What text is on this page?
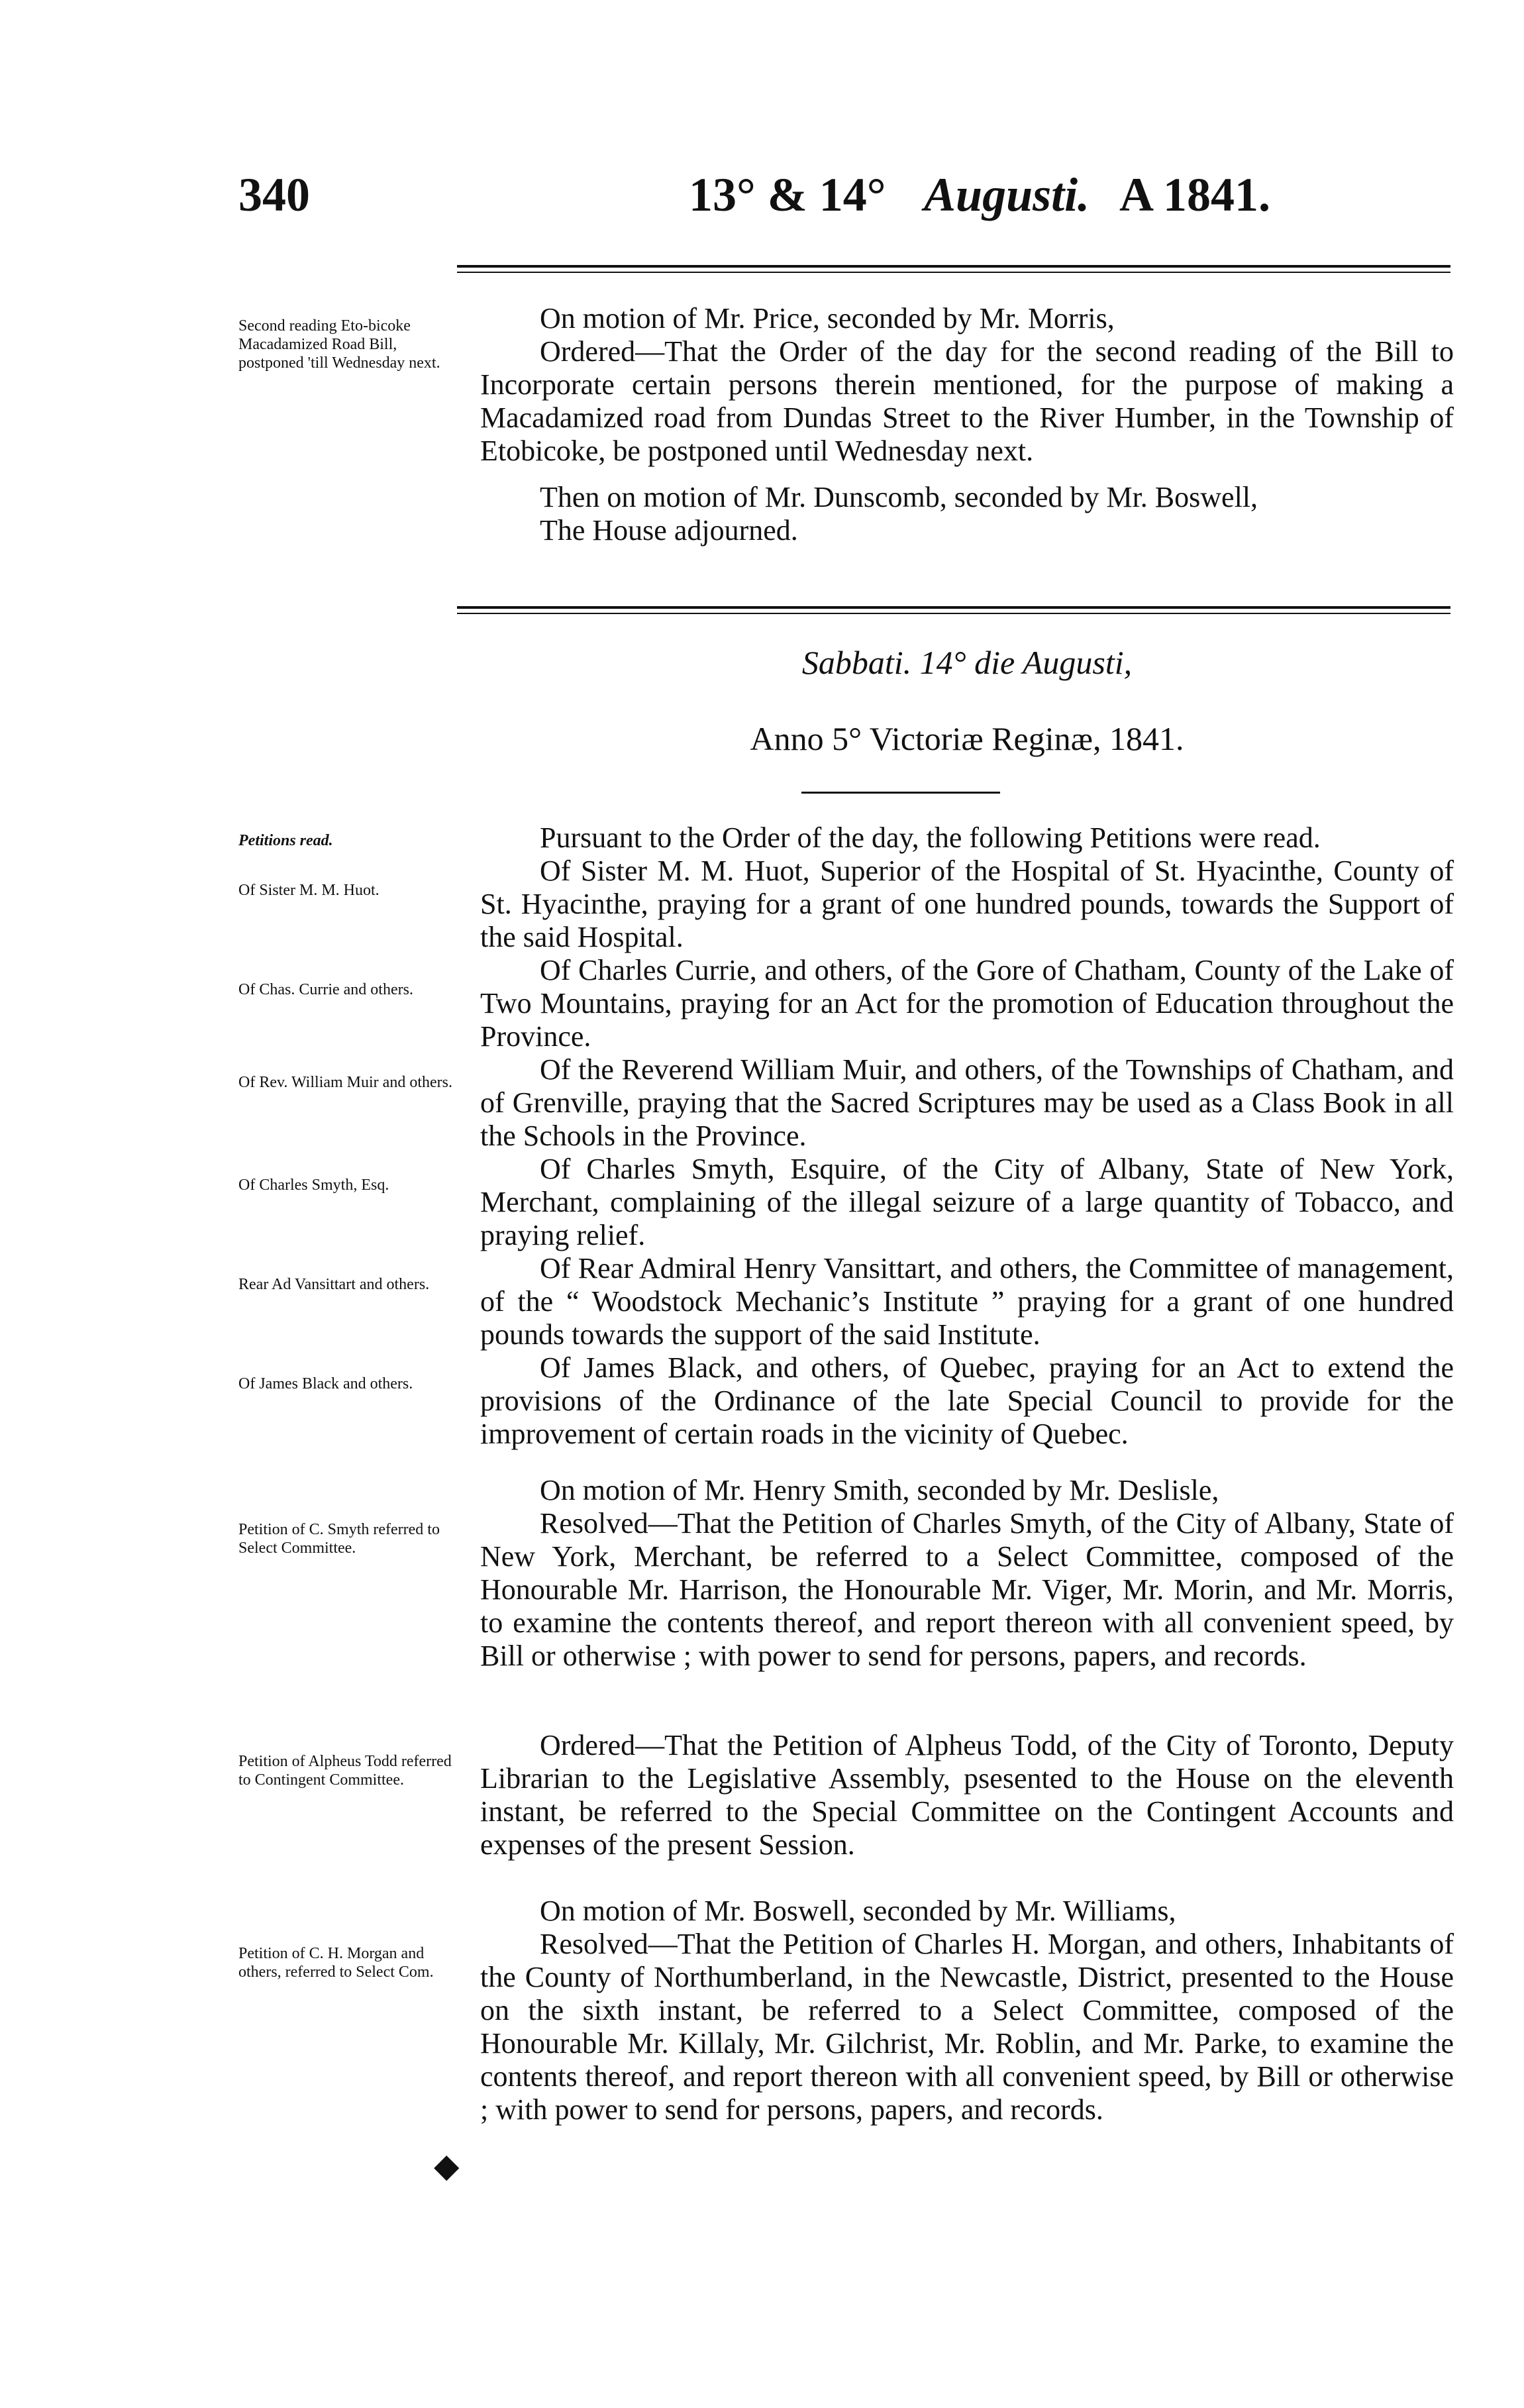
340	13° & 14° Augusti. A 1841.
Second reading Eto-bicoke Macadamized Road Bill, postponed 'till Wednesday next.

On motion of Mr. Price, seconded by Mr. Morris,

Ordered—That the Order of the day for the second reading of the Bill to Incorporate certain persons therein mentioned, for the purpose of making a Macadamized road from Dundas Street to the River Humber, in the Township of Etobicoke, be postponed until Wednesday next.

Then on motion of Mr. Dunscomb, seconded by Mr. Boswell,

The House adjourned.

Sabbati. 14° die Augusti,
Anno 5° Victoriæ Reginæ, 1841.
Petitions read.
Of Sister M. M. Huot.
Of Chas. Currie and others.
Of Rev. William Muir and others.
Of Charles Smyth, Esq.
Rear Ad Vansittart and others.
Of James Black and others.

Pursuant to the Order of the day, the following Petitions were read.

Of Sister M. M. Huot, Superior of the Hospital of St. Hyacinthe, County of St. Hyacinthe, praying for a grant of one hundred pounds, towards the Support of the said Hospital.

Of Charles Currie, and others, of the Gore of Chatham, County of the Lake of Two Mountains, praying for an Act for the promotion of Education throughout the Province.

Of the Reverend William Muir, and others, of the Townships of Chatham, and of Grenville, praying that the Sacred Scriptures may be used as a Class Book in all the Schools in the Province.

Of Charles Smyth, Esquire, of the City of Albany, State of New York, Merchant, complaining of the illegal seizure of a large quantity of Tobacco, and praying relief.

Of Rear Admiral Henry Vansittart, and others, the Committee of management, of the “ Woodstock Mechanic’s Institute ” praying for a grant of one hundred pounds towards the support of the said Institute.

Of James Black, and others, of Quebec, praying for an Act to extend the provisions of the Ordinance of the late Special Council to provide for the improvement of certain roads in the vicinity of Quebec.

Petition of C. Smyth referred to Select Committee.

On motion of Mr. Henry Smith, seconded by Mr. Deslisle,

Resolved—That the Petition of Charles Smyth, of the City of Albany, State of New York, Merchant, be referred to a Select Committee, composed of the Honourable Mr. Harrison, the Honourable Mr. Viger, Mr. Morin, and Mr. Morris, to examine the contents thereof, and report thereon with all convenient speed, by Bill or otherwise ; with power to send for persons, papers, and records.

Petition of Alpheus Todd referred to Contingent Committee.

Ordered—That the Petition of Alpheus Todd, of the City of Toronto, Deputy Librarian to the Legislative Assembly, psesented to the House on the eleventh instant, be referred to the Special Committee on the Contingent Accounts and expenses of the present Session.

Petition of C. H. Morgan and others, referred to Select Com.

On motion of Mr. Boswell, seconded by Mr. Williams,

Resolved—That the Petition of Charles H. Morgan, and others, Inhabitants of the County of Northumberland, in the Newcastle, District, presented to the House on the sixth instant, be referred to a Select Committee, composed of the Honourable Mr. Killaly, Mr. Gilchrist, Mr. Roblin, and Mr. Parke, to examine the contents thereof, and report thereon with all convenient speed, by Bill or otherwise ; with power to send for persons, papers, and records.

◆
